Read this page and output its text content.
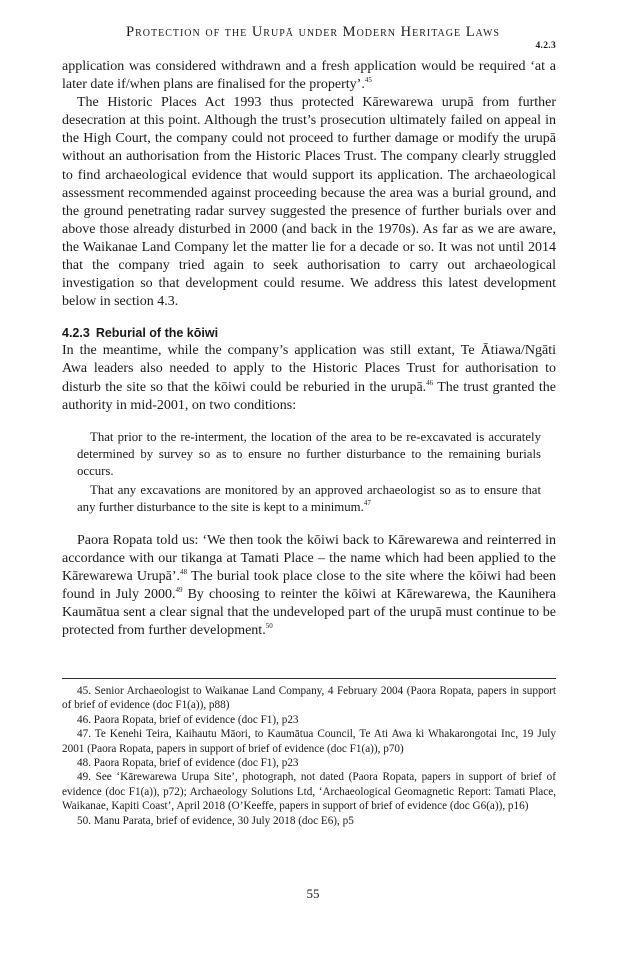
Protection of the Urupā under Modern Heritage Laws
4.2.3

application was considered withdrawn and a fresh application would be required ‘at a later date if/when plans are finalised for the property’.$^{45}$

The Historic Places Act 1993 thus protected Kārewarewa urupā from further desecration at this point. Although the trust’s prosecution ultimately failed on appeal in the High Court, the company could not proceed to further damage or modify the urupā without an authorisation from the Historic Places Trust. The company clearly struggled to find archaeological evidence that would support its application. The archaeological assessment recommended against proceeding because the area was a burial ground, and the ground penetrating radar survey suggested the presence of further burials over and above those already disturbed in 2000 (and back in the 1970s). As far as we are aware, the Waikanae Land Company let the matter lie for a decade or so. It was not until 2014 that the company tried again to seek authorisation to carry out archaeological investigation so that development could resume. We address this latest development below in section 4.3.

4.2.3 Reburial of the kōiwi

In the meantime, while the company’s application was still extant, Te Ātiawa/Ngāti Awa leaders also needed to apply to the Historic Places Trust for authorisation to disturb the site so that the kōiwi could be reburied in the urupā.$^{46}$ The trust granted the authority in mid-2001, on two conditions:

That prior to the re-interment, the location of the area to be re-excavated is accurately determined by survey so as to ensure no further disturbance to the remaining burials occurs.

That any excavations are monitored by an approved archaeologist so as to ensure that any further disturbance to the site is kept to a minimum.$^{47}$

Paora Ropata told us: ‘We then took the kōiwi back to Kārewarewa and reinterred in accordance with our tikanga at Tamati Place – the name which had been applied to the Kārewarewa Urupā’.$^{48}$ The burial took place close to the site where the kōiwi had been found in July 2000.49 By choosing to reinter the kōiwi at Kārewarewa, the Kaunihera Kaumātua sent a clear signal that the undeveloped part of the urupā must continue to be protected from further development.$^{50}$

45. Senior Archaeologist to Waikanae Land Company, 4 February 2004 (Paora Ropata, papers in support of brief of evidence (doc F1(a)), p88)

46. Paora Ropata, brief of evidence (doc F1), p23

47. Te Kenehi Teira, Kaihautu Māori, to Kaumātua Council, Te Ati Awa ki Whakarongotai Inc, 19 July 2001 (Paora Ropata, papers in support of brief of evidence (doc F1(a)), p70)

48. Paora Ropata, brief of evidence (doc F1), p23

49. See ‘Kārewarewa Urupa Site’, photograph, not dated (Paora Ropata, papers in support of brief of evidence (doc F1(a)), p72); Archaeology Solutions Ltd, ‘Archaeological Geomagnetic Report: Tamati Place, Waikanae, Kapiti Coast’, April 2018 (O’Keeffe, papers in support of brief of evidence (doc G6(a)), p16)

50. Manu Parata, brief of evidence, 30 July 2018 (doc E6), p5

55
